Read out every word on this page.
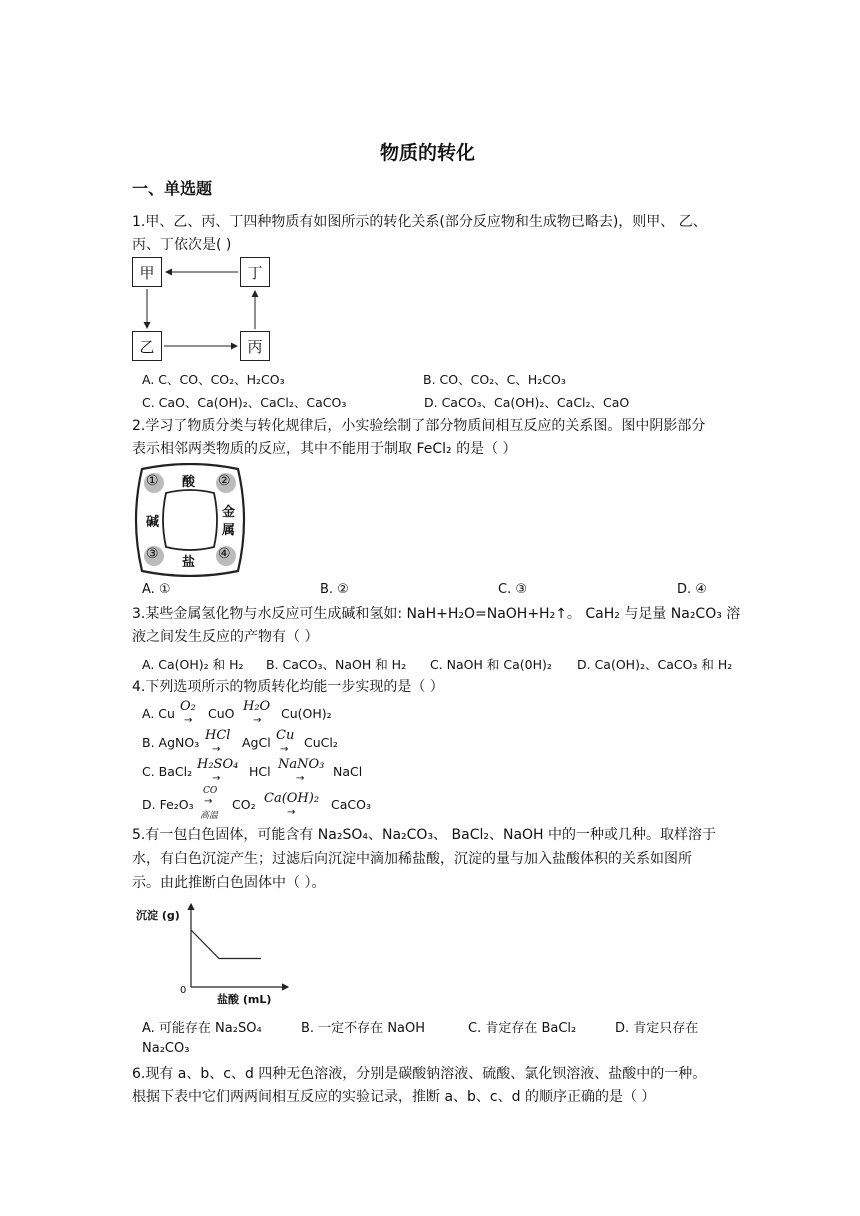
物质的转化
一、单选题
1.甲、乙、丙、丁四种物质有如图所示的转化关系(部分反应物和生成物已略去)，则甲、 乙、
丙、丁依次是( )
甲	丁
乙	丙
A. C、CO、CO₂、H₂CO₃	B. CO、CO₂、C、H₂CO₃
C. CaO、Ca(OH)₂、CaCl₂、CaCO₃	D. CaCO₃、Ca(OH)₂、CaCl₂、CaO
2.学习了物质分类与转化规律后，小实验绘制了部分物质间相互反应的关系图。图中阴影部分
表示相邻两类物质的反应，其中不能用于制取 FeCl₂ 的是（ ）
酸
碱
金
属
盐
①	②
③	④
A. ①	B. ②	C. ③	D. ④
3.某些金属氢化物与水反应可生成碱和氢如: NaH+H₂O=NaOH+H₂↑。 CaH₂ 与足量 Na₂CO₃ 溶
液之间发生反应的产物有（ ）
A. Ca(OH)₂ 和 H₂ B. CaCO₃、NaOH 和 H₂ C. NaOH 和 Ca(0H)₂ D. Ca(OH)₂、CaCO₃ 和 H₂
4.下列选项所示的物质转化均能一步实现的是（ ）
A. Cu O₂
→ CuO H₂O
→ Cu(OH)₂
B. AgNO₃ HCl
→ AgCl Cu
→ CuCl₂
C. BaCl₂ H₂SO₄
→ HCl NaNO₃
→ NaCl
D. Fe₂O₃
CO
→
高温
CO₂ Ca(OH)₂
→
CaCO₃
5.有一包白色固体，可能含有 Na₂SO₄、Na₂CO₃、 BaCl₂、NaOH 中的一种或几种。取样溶于
水，有白色沉淀产生；过滤后向沉淀中滴加稀盐酸，沉淀的量与加入盐酸体积的关系如图所
示。由此推断白色固体中（ ）。
沉淀 (g)
0
盐酸 (mL)
A. 可能存在 Na₂SO₄	B. 一定不存在 NaOH	C. 肯定存在 BaCl₂	D. 肯定只存在
Na₂CO₃
6.现有 a、b、c、d 四种无色溶液，分别是碳酸钠溶液、硫酸、氯化钡溶液、盐酸中的一种。
根据下表中它们两两间相互反应的实验记录，推断 a、b、c、d 的顺序正确的是（ ）
